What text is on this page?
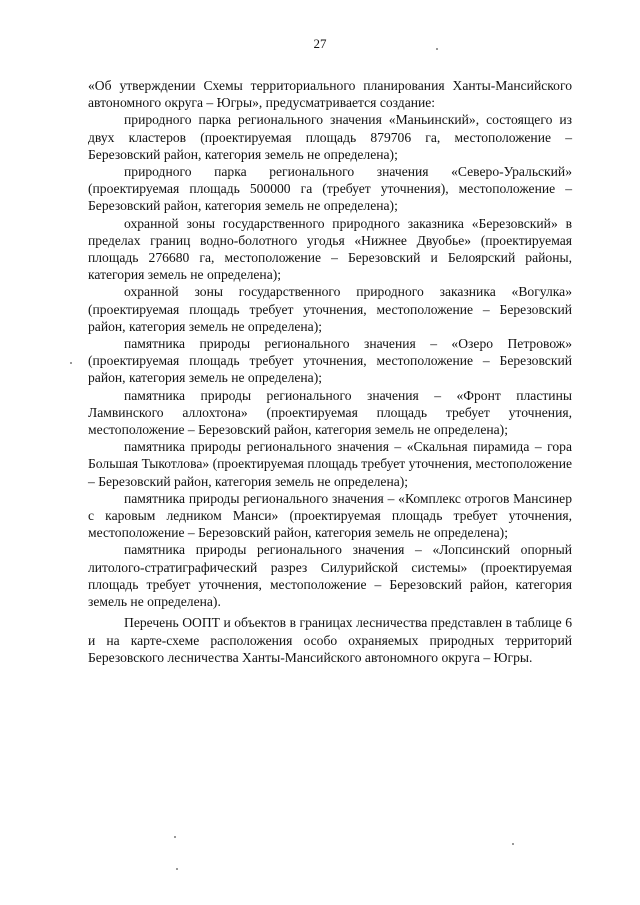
27

«Об утверждении Схемы территориального планирования Ханты-Мансийского автономного округа – Югры», предусматривается создание:

природного парка регионального значения «Маньинский», состоящего из двух кластеров (проектируемая площадь 879706 га, местоположение – Березовский район, категория земель не определена);

природного парка регионального значения «Северо-Уральский» (проектируемая площадь 500000 га (требует уточнения), местоположение – Березовский район, категория земель не определена);

охранной зоны государственного природного заказника «Березовский» в пределах границ водно-болотного угодья «Нижнее Двуобье» (проектируемая площадь 276680 га, местоположение – Березовский и Белоярский районы, категория земель не определена);

охранной зоны государственного природного заказника «Вогулка» (проектируемая площадь требует уточнения, местоположение – Березовский район, категория земель не определена);

памятника природы регионального значения – «Озеро Петровож» (проектируемая площадь требует уточнения, местоположение – Березовский район, категория земель не определена);

памятника природы регионального значения – «Фронт пластины Ламвинского аллохтона» (проектируемая площадь требует уточнения, местоположение – Березовский район, категория земель не определена);

памятника природы регионального значения – «Скальная пирамида – гора Большая Тыкотлова» (проектируемая площадь требует уточнения, местоположение – Березовский район, категория земель не определена);

памятника природы регионального значения – «Комплекс отрогов Мансинер с каровым ледником Манси» (проектируемая площадь требует уточнения, местоположение – Березовский район, категория земель не определена);

памятника природы регионального значения – «Лопсинский опорный литолого-стратиграфический разрез Силурийской системы» (проектируемая площадь требует уточнения, местоположение – Березовский район, категория земель не определена).

Перечень ООПТ и объектов в границах лесничества представлен в таблице 6 и на карте-схеме расположения особо охраняемых природных территорий Березовского лесничества Ханты-Мансийского автономного округа – Югры.
